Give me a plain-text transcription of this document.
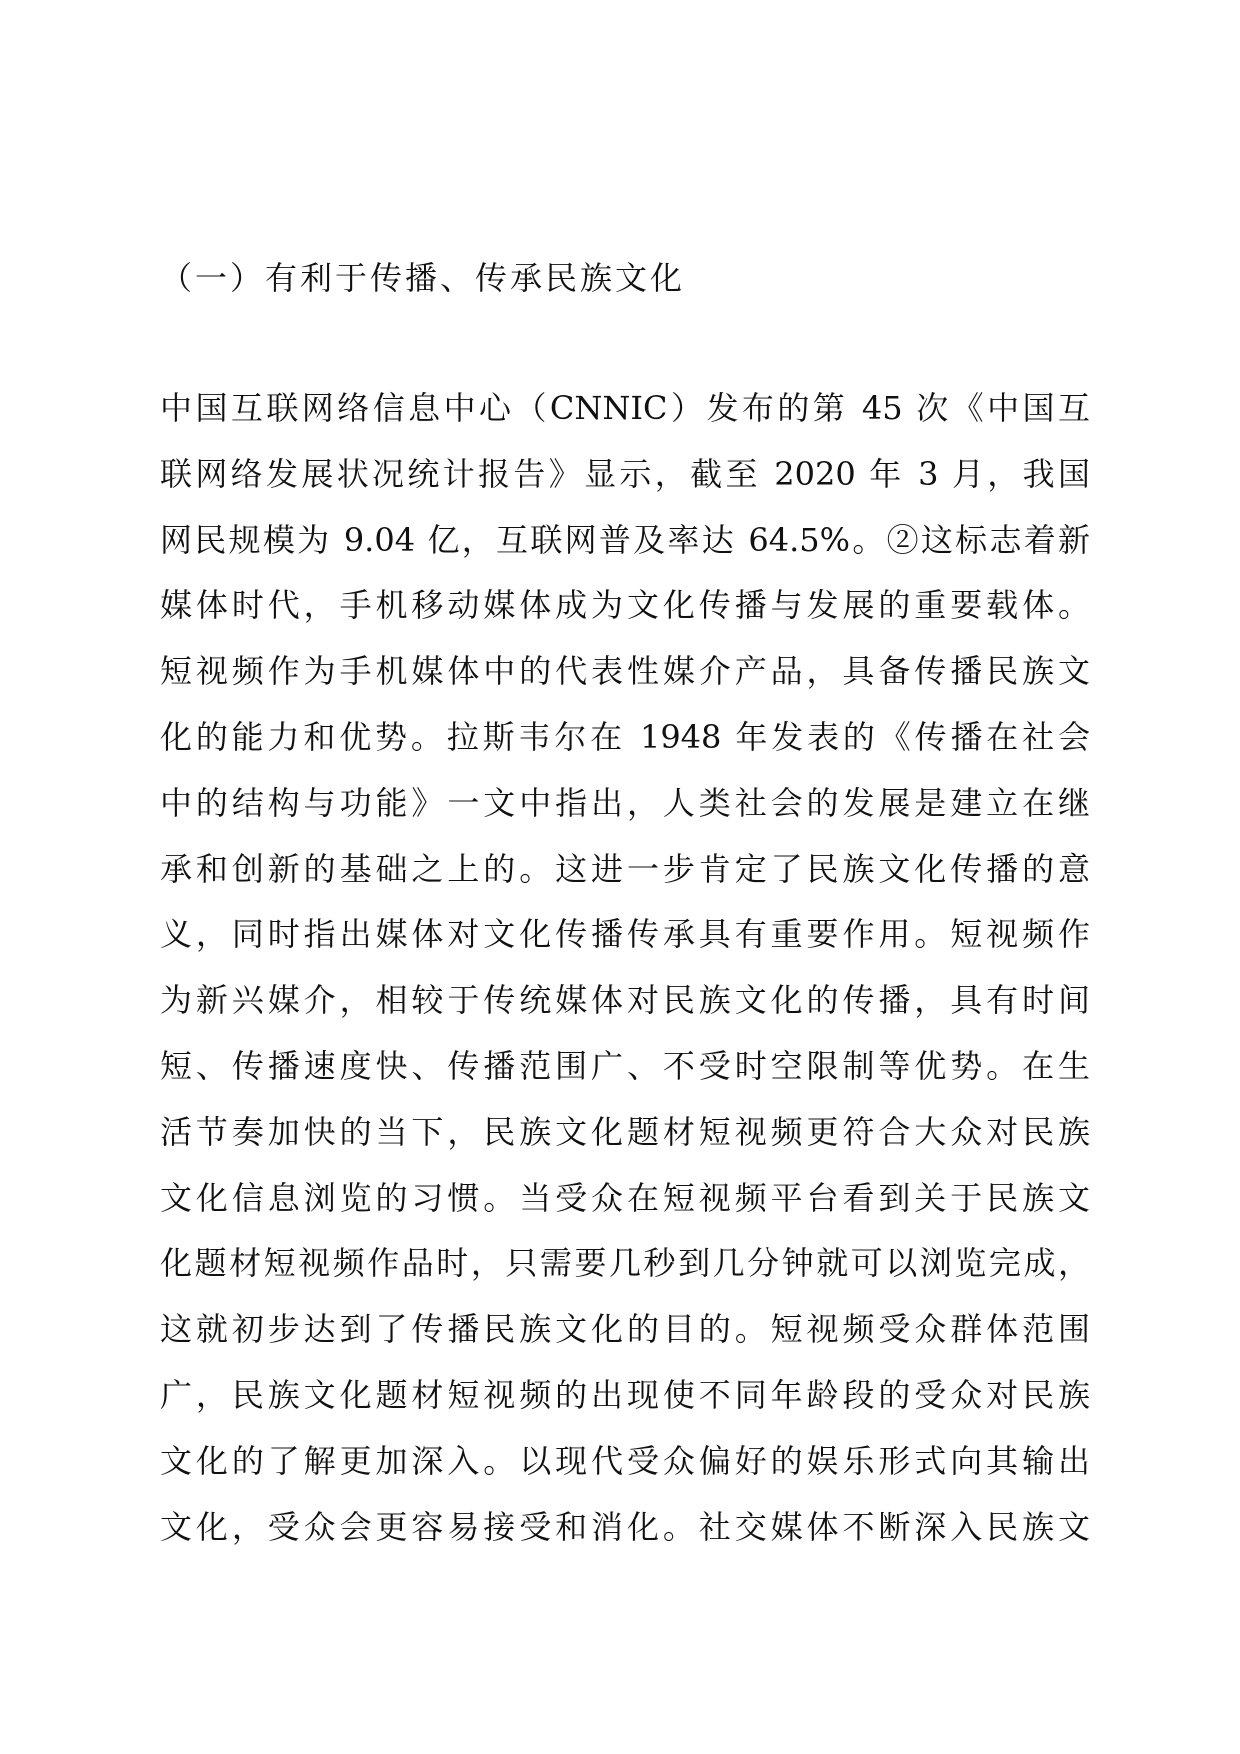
（一）有利于传播、传承民族文化
中国互联网络信息中心（CNNIC）发布的第 45 次《中国互
联网络发展状况统计报告》显示，截至 2020 年 3 月，我国
网民规模为 9.04 亿，互联网普及率达 64.5%。②这标志着新
媒体时代，手机移动媒体成为文化传播与发展的重要载体。
短视频作为手机媒体中的代表性媒介产品，具备传播民族文
化的能力和优势。拉斯韦尔在 1948 年发表的《传播在社会
中的结构与功能》一文中指出，人类社会的发展是建立在继
承和创新的基础之上的。这进一步肯定了民族文化传播的意
义，同时指出媒体对文化传播传承具有重要作用。短视频作
为新兴媒介，相较于传统媒体对民族文化的传播，具有时间
短、传播速度快、传播范围广、不受时空限制等优势。在生
活节奏加快的当下，民族文化题材短视频更符合大众对民族
文化信息浏览的习惯。当受众在短视频平台看到关于民族文
化题材短视频作品时，只需要几秒到几分钟就可以浏览完成，
这就初步达到了传播民族文化的目的。短视频受众群体范围
广，民族文化题材短视频的出现使不同年龄段的受众对民族
文化的了解更加深入。以现代受众偏好的娱乐形式向其输出
文化，受众会更容易接受和消化。社交媒体不断深入民族文
